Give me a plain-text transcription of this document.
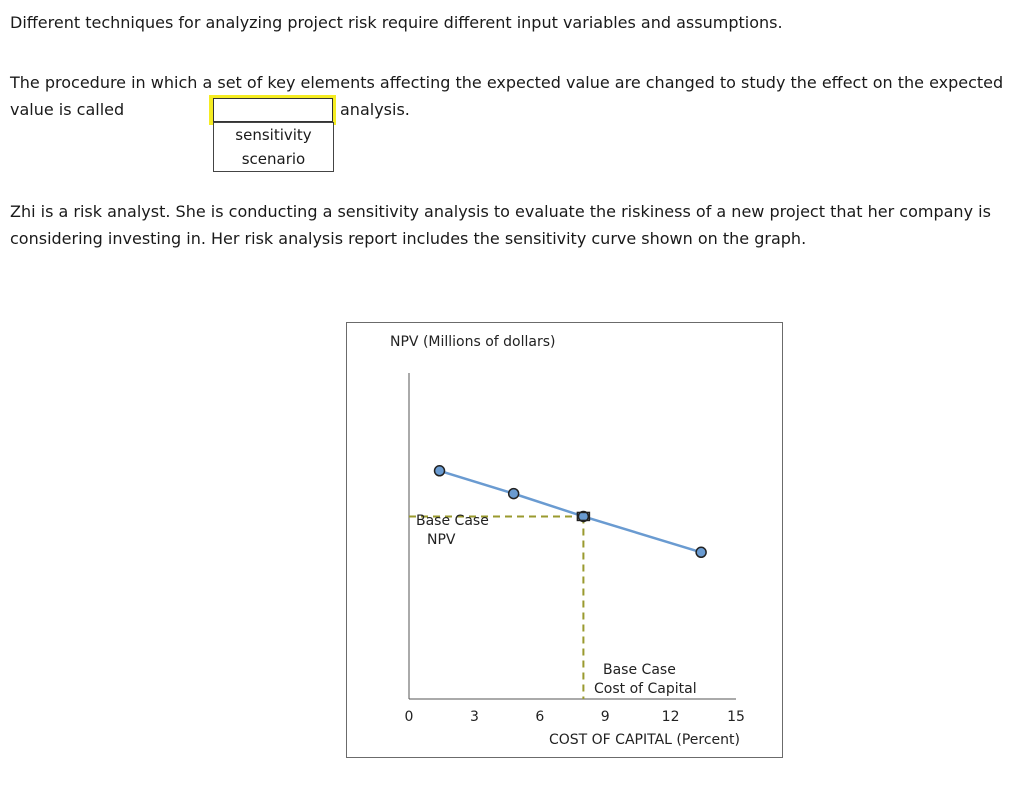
Different techniques for analyzing project risk require different input variables and assumptions.

The procedure in which a set of key elements affecting the expected value are changed to study the effect on the expected value is called	analysis.

sensitivity
scenario

Zhi is a risk analyst. She is conducting a sensitivity analysis to evaluate the riskiness of a new project that her company is considering investing in. Her risk analysis report includes the sensitivity curve shown on the graph.

NPV (Millions of dollars)
0	3	6	9	12	15
COST OF CAPITAL (Percent)
Base Case
NPV
Base Case
Cost of Capital
